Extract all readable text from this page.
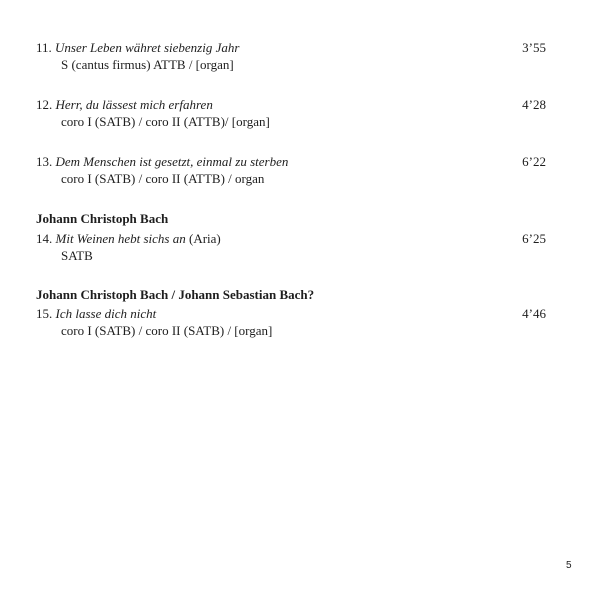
11. Unser Leben währet siebenzig Jahr	3’55
S (cantus firmus) ATTB / [organ]
12. Herr, du lässest mich erfahren	4’28
coro I (SATB) / coro II (ATTB)/ [organ]
13. Dem Menschen ist gesetzt, einmal zu sterben	6’22
coro I (SATB) / coro II (ATTB) / organ
Johann Christoph Bach
14. Mit Weinen hebt sichs an (Aria)	6’25
SATB
Johann Christoph Bach / Johann Sebastian Bach?
15. Ich lasse dich nicht	4’46
coro I (SATB) / coro II (SATB) / [organ]
5
